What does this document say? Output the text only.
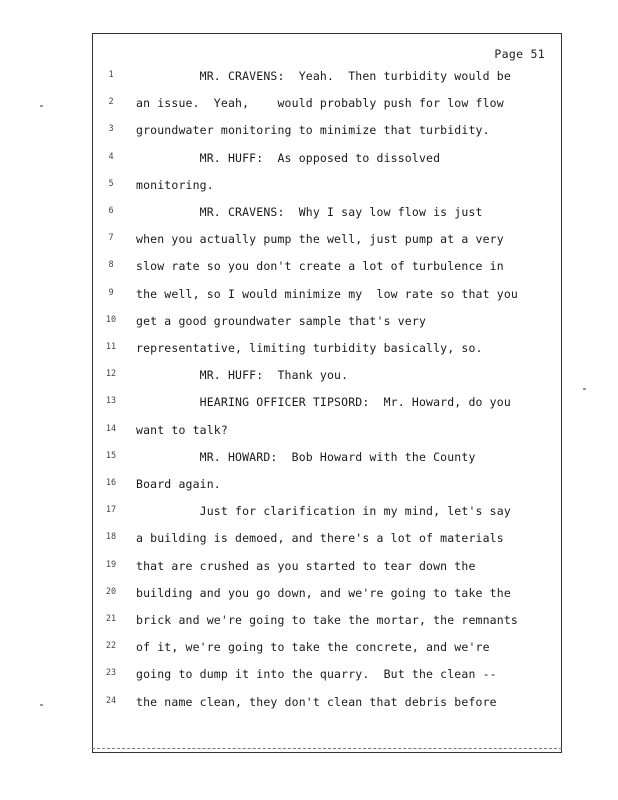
Page 51
1	MR. CRAVENS:  Yeah.  Then turbidity would be
2	an issue.  Yeah,    would probably push for low flow
3	groundwater monitoring to minimize that turbidity.
4	MR. HUFF:  As opposed to dissolved
5	monitoring.
6	MR. CRAVENS:  Why I say low flow is just
7	when you actually pump the well, just pump at a very
8	slow rate so you don't create a lot of turbulence in
9	the well, so I would minimize my  low rate so that you
10 get a good groundwater sample that's very
11 representative, limiting turbidity basically, so.
12 MR. HUFF:  Thank you.
13 HEARING OFFICER TIPSORD:  Mr. Howard, do you
14 want to talk?
15 MR. HOWARD:  Bob Howard with the County
16 Board again.
17 Just for clarification in my mind, let's say
18 a building is demoed, and there's a lot of materials
19 that are crushed as you started to tear down the
20 building and you go down, and we're going to take the
21 brick and we're going to take the mortar, the remnants
22 of it, we're going to take the concrete, and we're
23 going to dump it into the quarry.  But the clean --
24 the name clean, they don't clean that debris before
